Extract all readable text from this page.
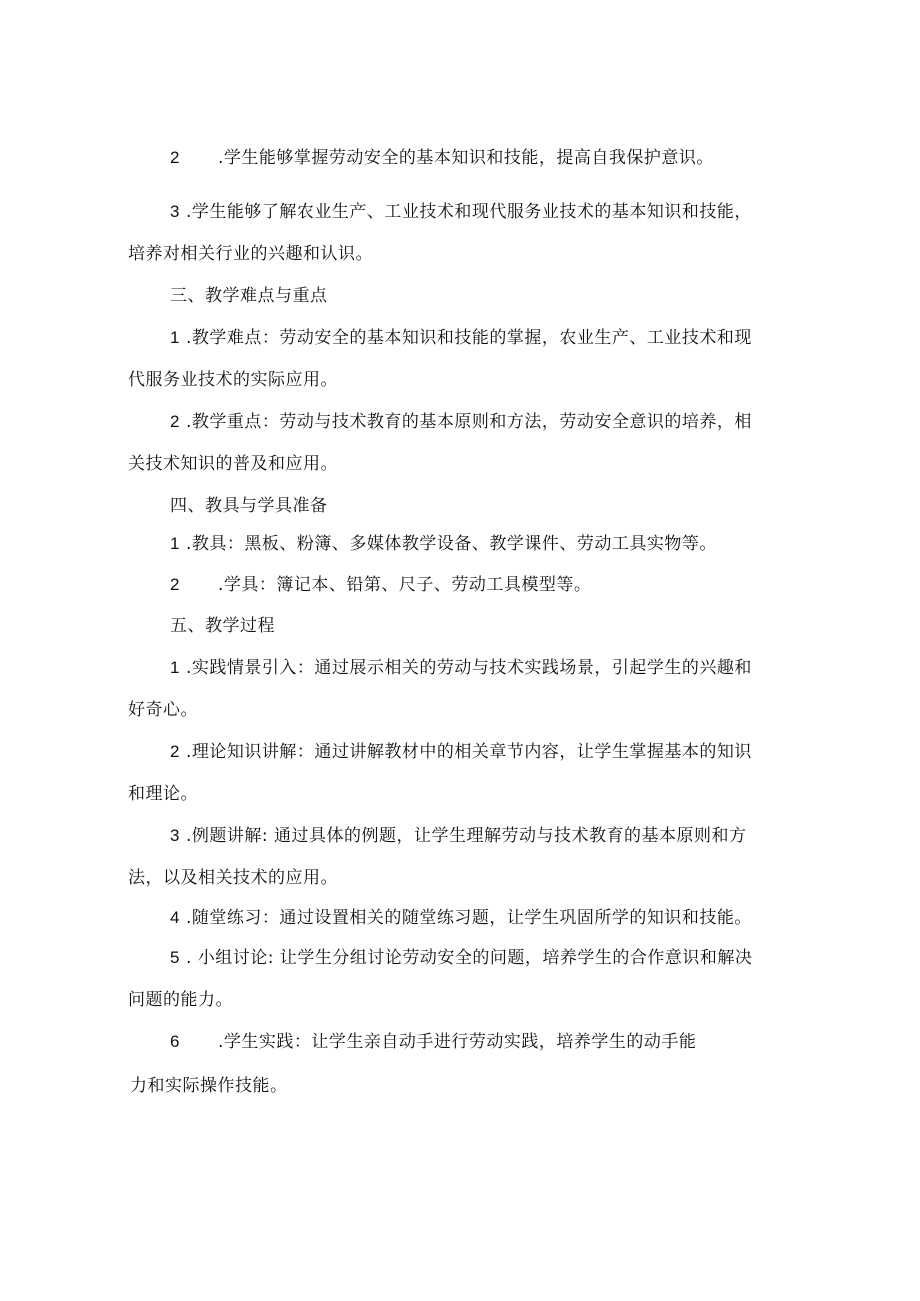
2 .学生能够掌握劳动安全的基本知识和技能，提高自我保护意识。
3 .学生能够了解农业生产、工业技术和现代服务业技术的基本知识和技能，
培养对相关行业的兴趣和认识。
三、教学难点与重点
1 .教学难点：劳动安全的基本知识和技能的掌握，农业生产、工业技术和现
代服务业技术的实际应用。
2 .教学重点：劳动与技术教育的基本原则和方法，劳动安全意识的培养，相
关技术知识的普及和应用。
四、教具与学具准备
1 .教具：黑板、粉簿、多媒体教学设备、教学课件、劳动工具实物等。
2 .学具：簿记本、铅第、尺子、劳动工具模型等。
五、教学过程
1 .实践情景引入：通过展示相关的劳动与技术实践场景，引起学生的兴趣和
好奇心。
2 .理论知识讲解：通过讲解教材中的相关章节内容，让学生掌握基本的知识
和理论。
3 .例题讲解: 通过具体的例题，让学生理解劳动与技术教育的基本原则和方
法，以及相关技术的应用。
4 .随堂练习：通过设置相关的随堂练习题，让学生巩固所学的知识和技能。
5 . 小组讨论: 让学生分组讨论劳动安全的问题，培养学生的合作意识和解决
问题的能力。
6 .学生实践：让学生亲自动手进行劳动实践，培养学生的动手能
力和实际操作技能。
